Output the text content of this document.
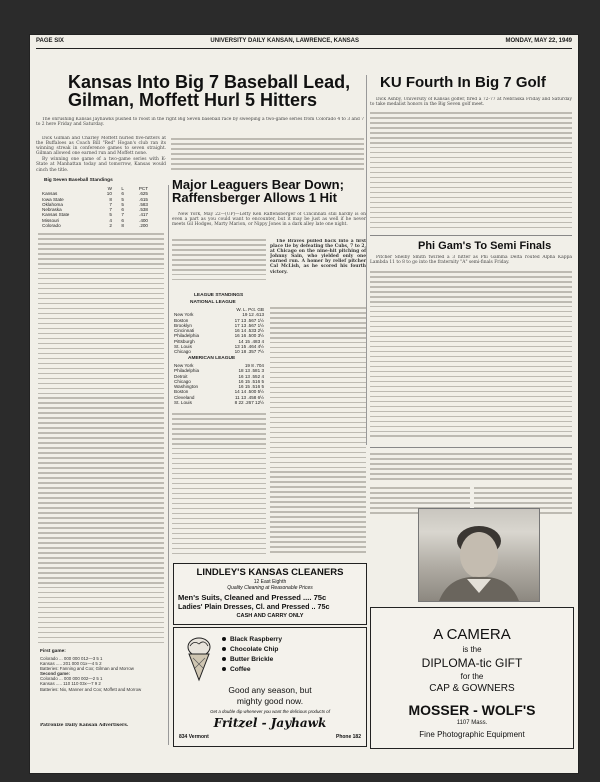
PAGE SIX	UNIVERSITY DAILY KANSAN, LAWRENCE, KANSAS	MONDAY, MAY 22, 1949
Kansas Into Big 7 Baseball Lead, Gilman, Moffett Hurl 5 Hitters

The onrushing Kansas Jayhawks pushed to roost in the right Big Seven baseball race by sweeping a two-game series from Colorado 4 to 3 and 7 to 2 here Friday and Saturday.

Dick Gilman and Charley Moffett hurled five-hitters at the Buffaloes as Coach Bill "Red" Hogan's club ran its winning streak in conference games to seven straight. Gilman allowed one earned run and Moffett none.

By winning one game of a two-game series with K-State at Manhattan today and tomorrow, Kansas would cinch the title.

Big Seven Baseball Standings
	W	L	PCT
Kansas	10	6	.625
Iowa State	8	5	.615
Oklahoma	7	5	.583
Nebraska	7	6	.538
Kansas State	5	7	.417
Missouri	4	6	.400
Colorado	2	8	.200
First game:
Colorado ... 000 000 012—3 5 1
Kansas ..... 201 000 01x—4 5 2
Batteries: Fanning and Cox; Gilman and Morrow
Second game:
Colorado ... 000 000 002—2 5 1
Kansas ..... 110 110 03x—7 9 2
Batteries: Nix, Manner and Cox; Moffett and Morrow
Patronize Daily Kansan Advertisers.
KU Fourth In Big 7 Golf

Dick Ashby, University of Kansas golfer, fired a 72-77 at Nebraska Friday and Saturday to take medalist honors in the Big Seven golf meet.

Phi Gam's To Semi Finals

Pitcher Shelby Smith twirled a 3 hitter as Phi Gamma Delta routed Alpha Kappa Lambda 11 to 8 to go into the fraternity "A" semi-finals Friday.

Major Leaguers Bear Down; Raffensberger Allows 1 Hit

New York, May 22—(UP)—Lefty Ken Raffensberger of Cincinnati still hardly is on even a part as you could want to encounter, but it may be just as well if he never meets Gil Hodges, Marty Marion, or Nippy Jones in a dark alley late one night.

The Braves pulled back into a first place tie by defeating the Cubs, 7 to 2, at Chicago on the nine-hit pitching of Johnny Sain, who yielded only one earned run. A homer by relief pitcher Cal McLish, as he scored his fourth victory.

LEAGUE STANDINGS
NATIONAL LEAGUE
	W. L. Pct. GB
New York	19 12 .613
Boston	17 13 .567 1½
Brooklyn	17 13 .567 1½
Cincinnati	16 14 .533 2½
Philadelphia	16 16 .500 3½
Pittsburgh	14 15 .483 4
St. Louis	13 15 .464 4½
Chicago	10 18 .357 7½
AMERICAN LEAGUE
New York	19 8 .704
Philadelphia	18 13 .581 3
Detroit	16 13 .552 4
Chicago	16 15 .516 5
Washington	16 15 .516 5
Boston	14 14 .500 5½
Cleveland	11 13 .458 6½
St. Louis	8 22 .267 12½
LINDLEY'S KANSAS CLEANERS
12 East Eighth
Quality Cleaning at Reasonable Prices
Men's Suits, Cleaned and Pressed .... 75c
Ladies' Plain Dresses, Cl. and Pressed .. 75c
CASH AND CARRY ONLY
Black Raspberry
Chocolate Chip
Butter Brickle
Coffee
Good any season, but
mighty good now.
Get a double dip whenever you want the delicious products of
Fritzel - Jayhawk
834 Vermont	Phone 182
A CAMERA
is the
DIPLOMA-tic GIFT
for the
CAP & GOWNERS
MOSSER - WOLF'S
1107 Mass.
Fine Photographic Equipment
